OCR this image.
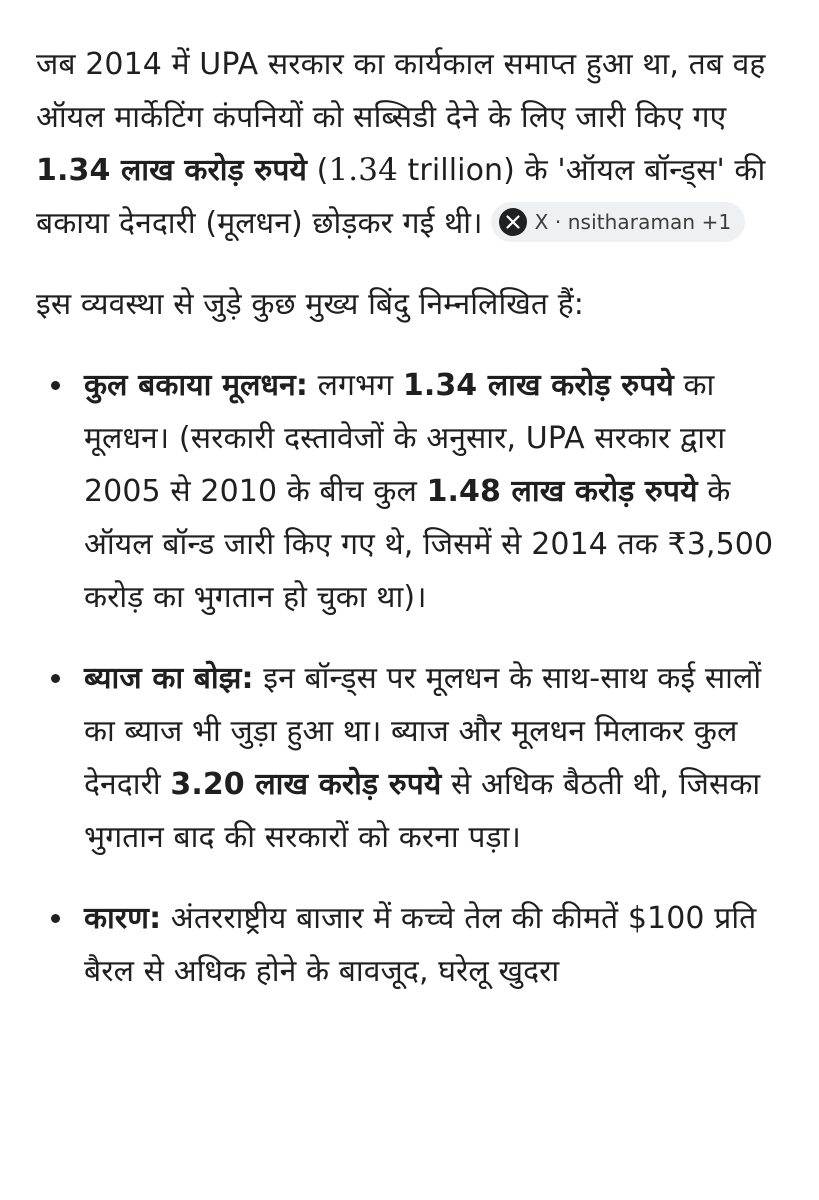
जब 2014 में UPA सरकार का कार्यकाल समाप्त हुआ था, तब वह ऑयल मार्केटिंग कंपनियों को सब्सिडी देने के लिए जारी किए गए 1.34 लाख करोड़ रुपये (1.34 trillion) के 'ऑयल बॉन्ड्स' की बकाया देनदारी (मूलधन) छोड़कर गई थी।	X · nsitharaman +1

इस व्यवस्था से जुड़े कुछ मुख्य बिंदु निम्नलिखित हैं:

कुल बकाया मूलधन: लगभग 1.34 लाख करोड़ रुपये का मूलधन। (सरकारी दस्तावेजों के अनुसार, UPA सरकार द्वारा 2005 से 2010 के बीच कुल 1.48 लाख करोड़ रुपये के ऑयल बॉन्ड जारी किए गए थे, जिसमें से 2014 तक ₹3,500 करोड़ का भुगतान हो चुका था)।
ब्याज का बोझ: इन बॉन्ड्स पर मूलधन के साथ-साथ कई सालों का ब्याज भी जुड़ा हुआ था। ब्याज और मूलधन मिलाकर कुल देनदारी 3.20 लाख करोड़ रुपये से अधिक बैठती थी, जिसका भुगतान बाद की सरकारों को करना पड़ा।
कारण: अंतरराष्ट्रीय बाजार में कच्चे तेल की कीमतें $100 प्रति बैरल से अधिक होने के बावजूद, घरेलू खुदरा
